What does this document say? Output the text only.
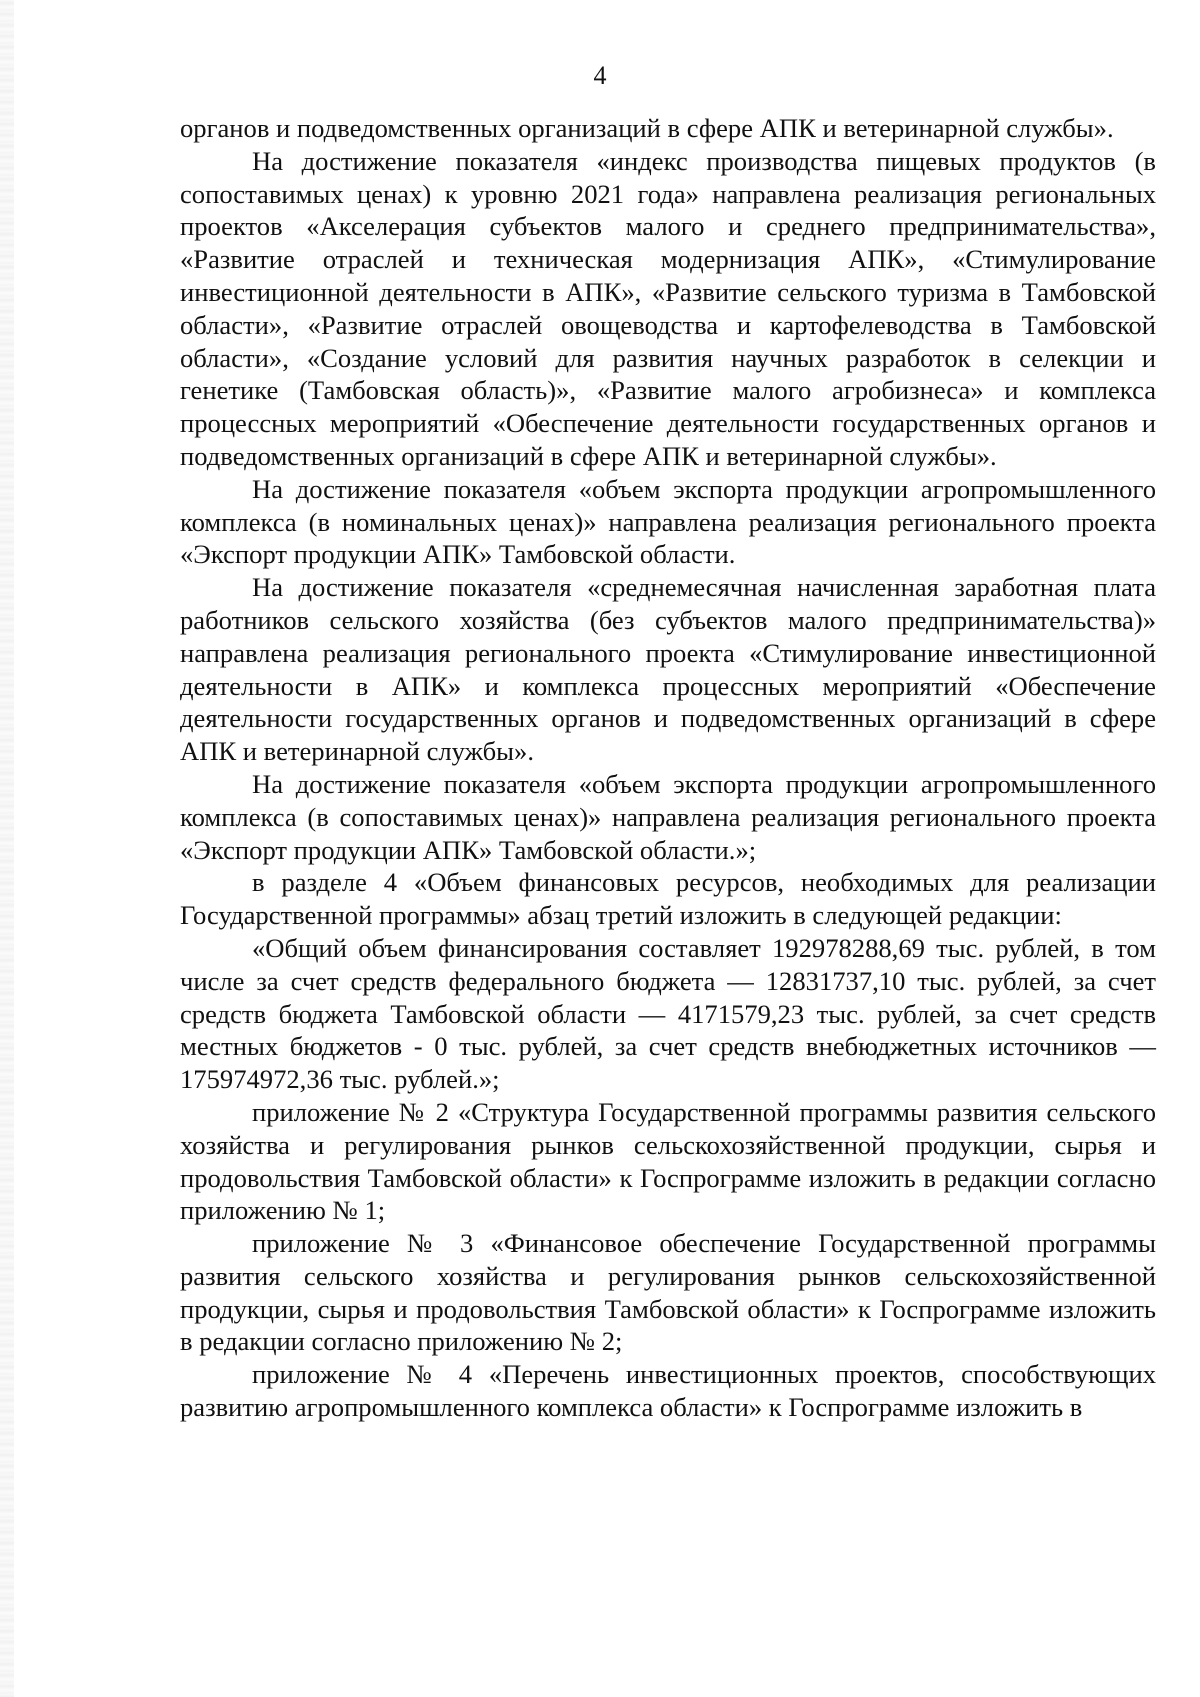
4

органов и подведомственных организаций в сфере АПК и ветеринарной службы».

На достижение показателя «индекс производства пищевых продуктов (в сопоставимых ценах) к уровню 2021 года» направлена реализация региональных проектов «Акселерация субъектов малого и среднего предпринимательства», «Развитие отраслей и техническая модернизация АПК», «Стимулирование инвестиционной деятельности в АПК», «Развитие сельского туризма в Тамбовской области», «Развитие отраслей овощеводства и картофелеводства в Тамбовской области», «Создание условий для развития научных разработок в селекции и генетике (Тамбовская область)», «Развитие малого агробизнеса» и комплекса процессных мероприятий «Обеспечение деятельности государственных органов и подведомственных организаций в сфере АПК и ветеринарной службы».

На достижение показателя «объем экспорта продукции агропромышленного комплекса (в номинальных ценах)» направлена реализация регионального проекта «Экспорт продукции АПК» Тамбовской области.

На достижение показателя «среднемесячная начисленная заработная плата работников сельского хозяйства (без субъектов малого предпринимательства)» направлена реализация регионального проекта «Стимулирование инвестиционной деятельности в АПК» и комплекса процессных мероприятий «Обеспечение деятельности государственных органов и подведомственных организаций в сфере АПК и ветеринарной службы».

На достижение показателя «объем экспорта продукции агропромышленного комплекса (в сопоставимых ценах)» направлена реализация регионального проекта «Экспорт продукции АПК» Тамбовской области.»;

в разделе 4 «Объем финансовых ресурсов, необходимых для реализации Государственной программы» абзац третий изложить в следующей редакции:

«Общий объем финансирования составляет 192978288,69 тыс. рублей, в том числе за счет средств федерального бюджета — 12831737,10 тыс. рублей, за счет средств бюджета Тамбовской области — 4171579,23 тыс. рублей, за счет средств местных бюджетов - 0 тыс. рублей, за счет средств внебюджетных источников — 175974972,36 тыс. рублей.»;

приложение № 2 «Структура Государственной программы развития сельского хозяйства и регулирования рынков сельскохозяйственной продукции, сырья и продовольствия Тамбовской области» к Госпрограмме изложить в редакции согласно приложению № 1;

приложение № 3 «Финансовое обеспечение Государственной программы развития сельского хозяйства и регулирования рынков сельскохозяйственной продукции, сырья и продовольствия Тамбовской области» к Госпрограмме изложить в редакции согласно приложению № 2;

приложение № 4 «Перечень инвестиционных проектов, способствующих развитию агропромышленного комплекса области» к Госпрограмме изложить в
